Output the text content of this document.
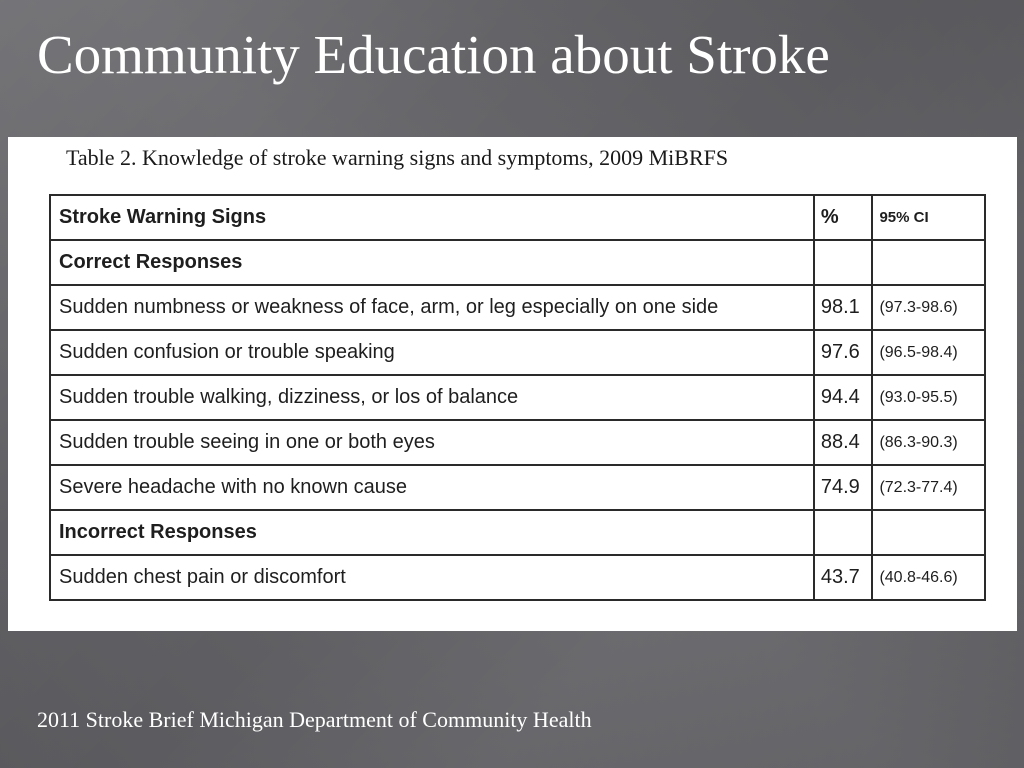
Community Education about Stroke
Table 2. Knowledge of stroke warning signs and symptoms, 2009 MiBRFS
Stroke Warning Signs	%	95% CI
Correct Responses		
Sudden numbness or weakness of face, arm, or leg especially on one side	98.1	(97.3-98.6)
Sudden confusion or trouble speaking	97.6	(96.5-98.4)
Sudden trouble walking, dizziness, or los of balance	94.4	(93.0-95.5)
Sudden trouble seeing in one or both eyes	88.4	(86.3-90.3)
Severe headache with no known cause	74.9	(72.3-77.4)
Incorrect Responses		
Sudden chest pain or discomfort	43.7	(40.8-46.6)
2011 Stroke Brief Michigan Department of Community Health
